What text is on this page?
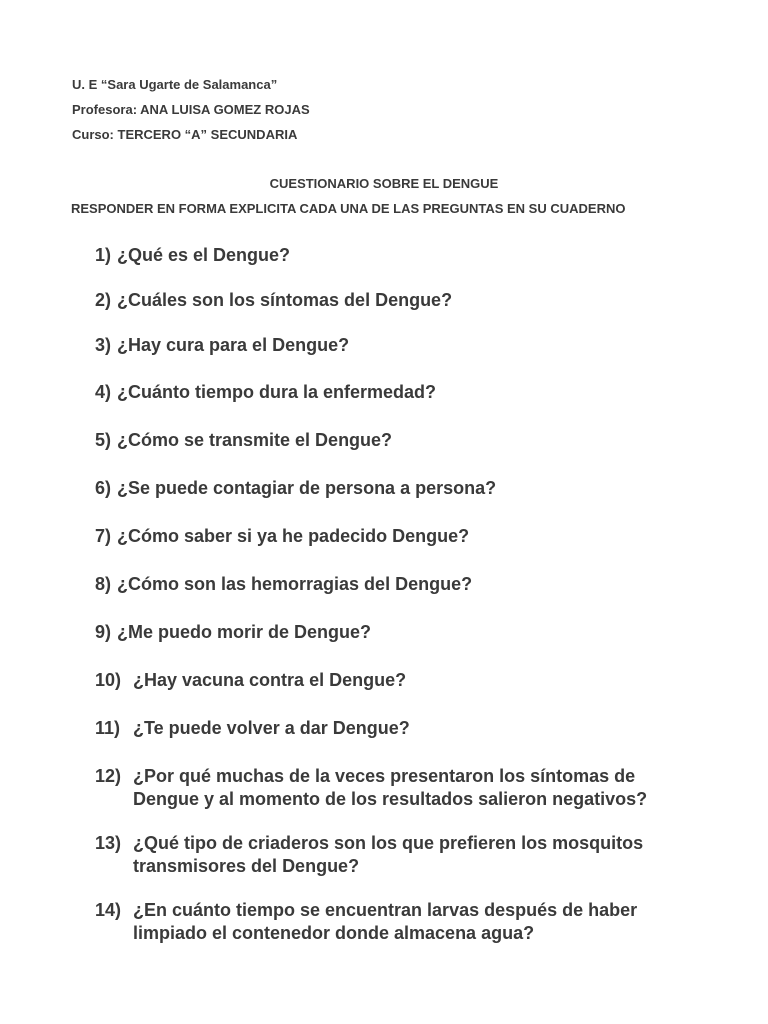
U. E “Sara Ugarte de Salamanca”
Profesora: ANA LUISA GOMEZ ROJAS
Curso: TERCERO “A” SECUNDARIA
CUESTIONARIO SOBRE EL DENGUE
RESPONDER EN FORMA EXPLICITA CADA UNA DE LAS PREGUNTAS EN SU CUADERNO
1) ¿Qué es el Dengue?
2) ¿Cuáles son los síntomas del Dengue?
3) ¿Hay cura para el Dengue?
4) ¿Cuánto tiempo dura la enfermedad?
5) ¿Cómo se transmite el Dengue?
6) ¿Se puede contagiar de persona a persona?
7) ¿Cómo saber si ya he padecido Dengue?
8) ¿Cómo son las hemorragias del Dengue?
9) ¿Me puedo morir de Dengue?
10) ¿Hay vacuna contra el Dengue?
11) ¿Te puede volver a dar Dengue?
12) ¿Por qué muchas de la veces presentaron los síntomas de
Dengue y al momento de los resultados salieron negativos?
13) ¿Qué tipo de criaderos son los que prefieren los mosquitos
transmisores del Dengue?
14) ¿En cuánto tiempo se encuentran larvas después de haber
limpiado el contenedor donde almacena agua?
